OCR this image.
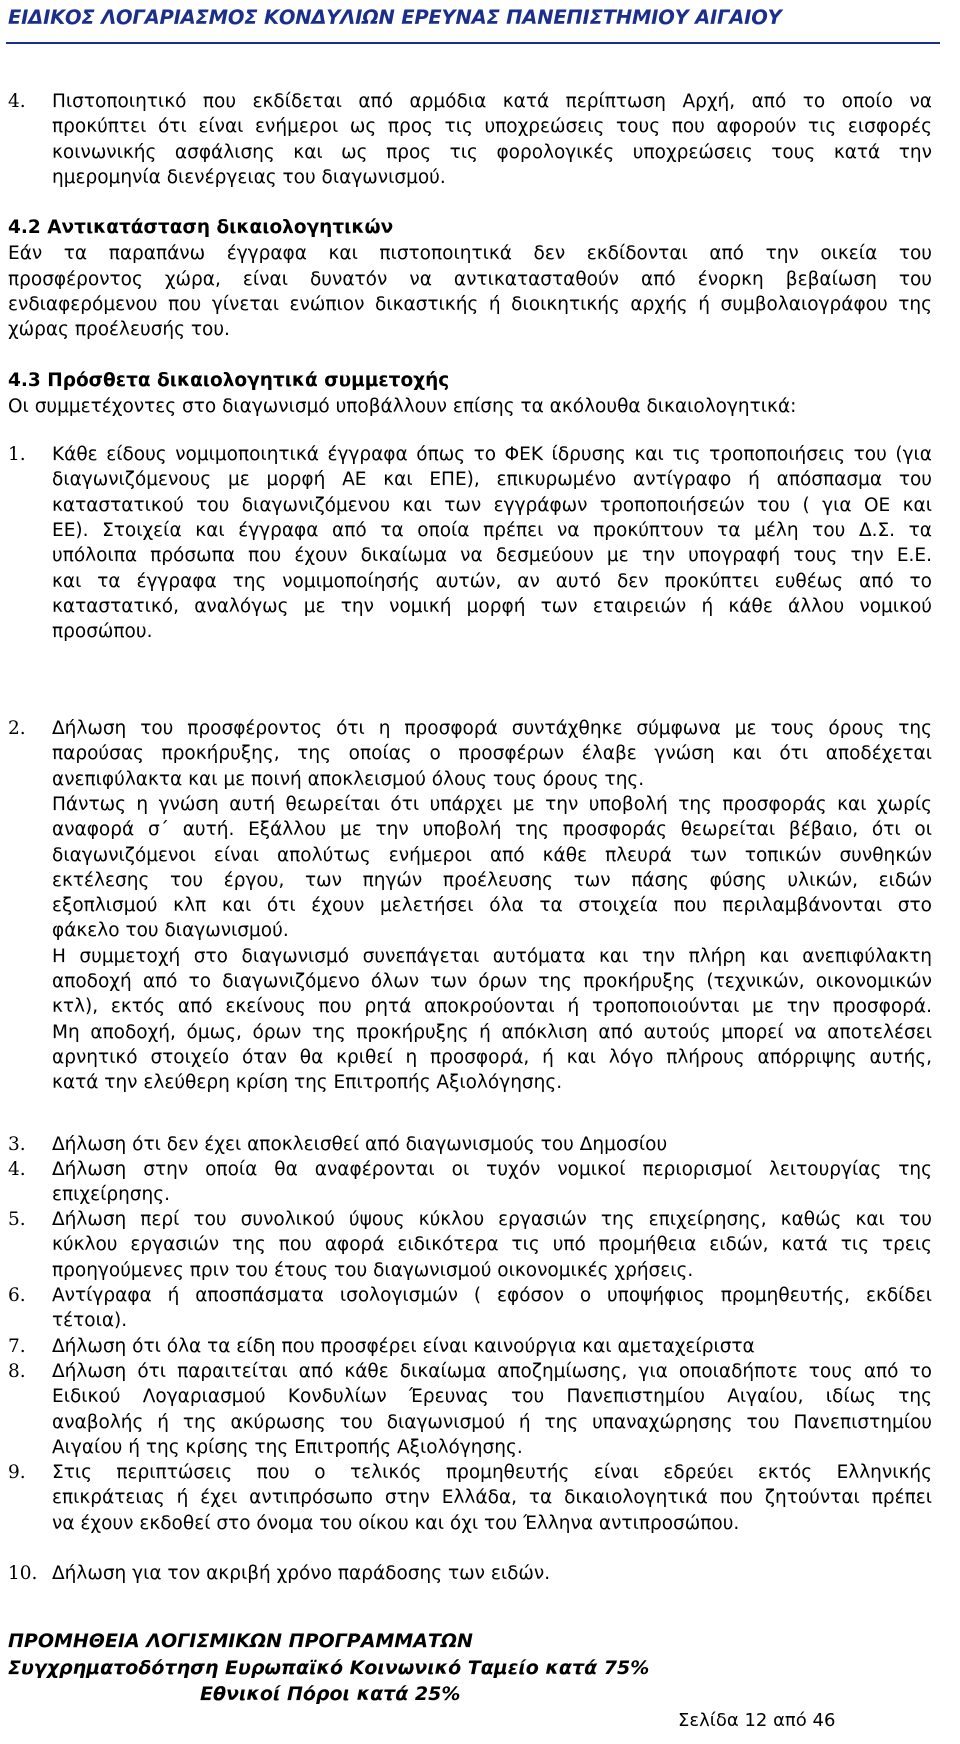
ΕΙΔΙΚΟΣ ΛΟΓΑΡΙΑΣΜΟΣ ΚΟΝΔΥΛΙΩΝ ΕΡΕΥΝΑΣ ΠΑΝΕΠΙΣΤΗΜΙΟΥ ΑΙΓΑΙΟΥ
4. Πιστοποιητικό που εκδίδεται από αρμόδια κατά περίπτωση Αρχή, από το οποίο να
προκύπτει ότι είναι ενήμεροι ως προς τις υποχρεώσεις τους που αφορούν τις εισφορές
κοινωνικής ασφάλισης και ως προς τις φορολογικές υποχρεώσεις τους κατά την
ημερομηνία διενέργειας του διαγωνισμού.
4.2 Αντικατάσταση δικαιολογητικών
Εάν τα παραπάνω έγγραφα και πιστοποιητικά δεν εκδίδονται από την οικεία του
προσφέροντος χώρα, είναι δυνατόν να αντικατασταθούν από ένορκη βεβαίωση του
ενδιαφερόμενου που γίνεται ενώπιον δικαστικής ή διοικητικής αρχής ή συμβολαιογράφου της
χώρας προέλευσής του.
4.3 Πρόσθετα δικαιολογητικά συμμετοχής
Οι συμμετέχοντες στο διαγωνισμό υποβάλλουν επίσης τα ακόλουθα δικαιολογητικά:
1. Κάθε είδους νομιμοποιητικά έγγραφα όπως το ΦΕΚ ίδρυσης και τις τροποποιήσεις του (για
διαγωνιζόμενους με μορφή ΑΕ και ΕΠΕ), επικυρωμένο αντίγραφο ή απόσπασμα του
καταστατικού του διαγωνιζόμενου και των εγγράφων τροποποιήσεών του ( για ΟΕ και
ΕΕ). Στοιχεία και έγγραφα από τα οποία πρέπει να προκύπτουν τα μέλη του Δ.Σ. τα
υπόλοιπα πρόσωπα που έχουν δικαίωμα να δεσμεύουν με την υπογραφή τους την Ε.Ε.
και τα έγγραφα της νομιμοποίησής αυτών, αν αυτό δεν προκύπτει ευθέως από το
καταστατικό, αναλόγως με την νομική μορφή των εταιρειών ή κάθε άλλου νομικού
προσώπου.
2. Δήλωση του προσφέροντος ότι η προσφορά συντάχθηκε σύμφωνα με τους όρους της
παρούσας προκήρυξης, της οποίας ο προσφέρων έλαβε γνώση και ότι αποδέχεται
ανεπιφύλακτα και με ποινή αποκλεισμού όλους τους όρους της.
Πάντως η γνώση αυτή θεωρείται ότι υπάρχει με την υποβολή της προσφοράς και χωρίς
αναφορά σ΄ αυτή. Εξάλλου με την υποβολή της προσφοράς θεωρείται βέβαιο, ότι οι
διαγωνιζόμενοι είναι απολύτως ενήμεροι από κάθε πλευρά των τοπικών συνθηκών
εκτέλεσης του έργου, των πηγών προέλευσης των πάσης φύσης υλικών, ειδών
εξοπλισμού κλπ και ότι έχουν μελετήσει όλα τα στοιχεία που περιλαμβάνονται στο
φάκελο του διαγωνισμού.
Η συμμετοχή στο διαγωνισμό συνεπάγεται αυτόματα και την πλήρη και ανεπιφύλακτη
αποδοχή από το διαγωνιζόμενο όλων των όρων της προκήρυξης (τεχνικών, οικονομικών
κτλ), εκτός από εκείνους που ρητά αποκρούονται ή τροποποιούνται με την προσφορά.
Μη αποδοχή, όμως, όρων της προκήρυξης ή απόκλιση από αυτούς μπορεί να αποτελέσει
αρνητικό στοιχείο όταν θα κριθεί η προσφορά, ή και λόγο πλήρους απόρριψης αυτής,
κατά την ελεύθερη κρίση της Επιτροπής Αξιολόγησης.
3. Δήλωση ότι δεν έχει αποκλεισθεί από διαγωνισμούς του Δημοσίου
4. Δήλωση στην οποία θα αναφέρονται οι τυχόν νομικοί περιορισμοί λειτουργίας της
επιχείρησης.
5. Δήλωση περί του συνολικού ύψους κύκλου εργασιών της επιχείρησης, καθώς και του
κύκλου εργασιών της που αφορά ειδικότερα τις υπό προμήθεια ειδών, κατά τις τρεις
προηγούμενες πριν του έτους του διαγωνισμού οικονομικές χρήσεις.
6. Αντίγραφα ή αποσπάσματα ισολογισμών ( εφόσον ο υποψήφιος προμηθευτής, εκδίδει
τέτοια).
7. Δήλωση ότι όλα τα είδη που προσφέρει είναι καινούργια και αμεταχείριστα
8. Δήλωση ότι παραιτείται από κάθε δικαίωμα αποζημίωσης, για οποιαδήποτε τους από το
Ειδικού Λογαριασμού Κονδυλίων Έρευνας του Πανεπιστημίου Αιγαίου, ιδίως της
αναβολής ή της ακύρωσης του διαγωνισμού ή της υπαναχώρησης του Πανεπιστημίου
Αιγαίου ή της κρίσης της Επιτροπής Αξιολόγησης.
9. Στις περιπτώσεις που ο τελικός προμηθευτής είναι εδρεύει εκτός Ελληνικής
επικράτειας ή έχει αντιπρόσωπο στην Ελλάδα, τα δικαιολογητικά που ζητούνται πρέπει
να έχουν εκδοθεί στο όνομα του οίκου και όχι του Έλληνα αντιπροσώπου.
10. Δήλωση για τον ακριβή χρόνο παράδοσης των ειδών.
ΠΡΟΜΗΘΕΙΑ ΛΟΓΙΣΜΙΚΩΝ ΠΡΟΓΡΑΜΜΑΤΩΝ
Συγχρηματοδότηση Ευρωπαϊκό Κοινωνικό Ταμείο κατά 75%
Εθνικοί Πόροι κατά 25%
Σελίδα 12 από 46
